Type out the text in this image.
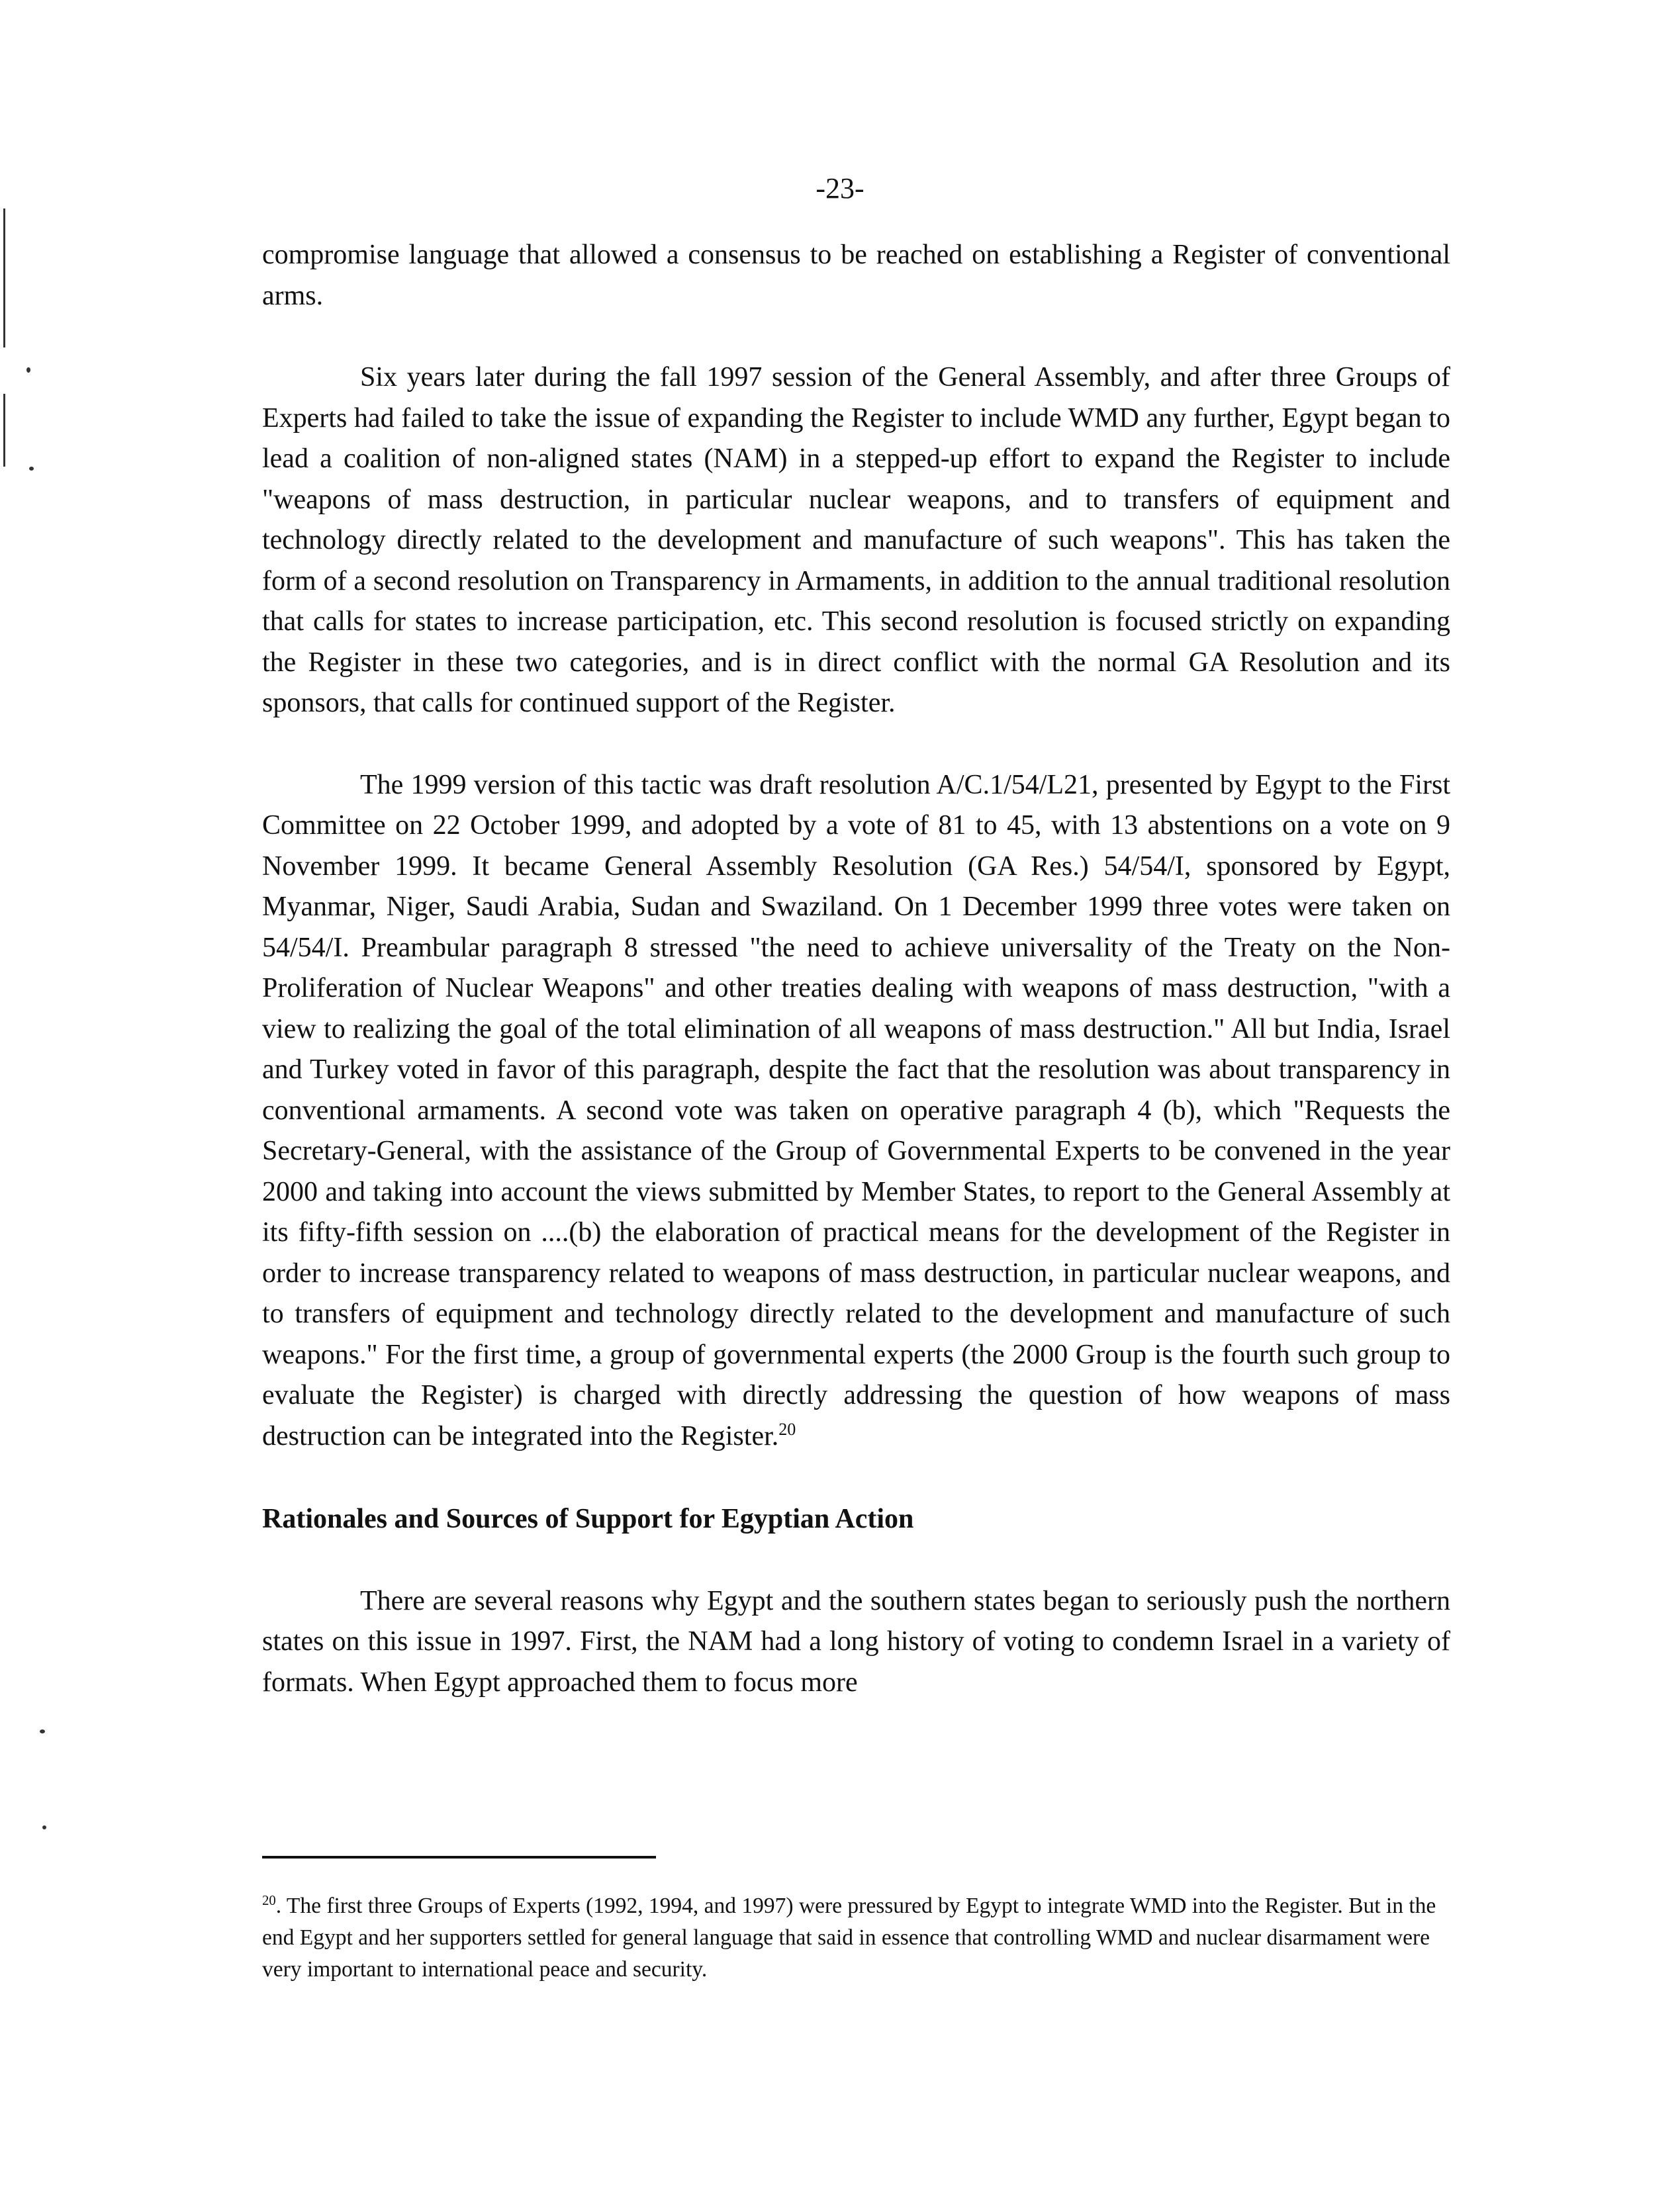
-23-

compromise language that allowed a consensus to be reached on establishing a Register of conventional arms.

Six years later during the fall 1997 session of the General Assembly, and after three Groups of Experts had failed to take the issue of expanding the Register to include WMD any further, Egypt began to lead a coalition of non-aligned states (NAM) in a stepped-up effort to expand the Register to include "weapons of mass destruction, in particular nuclear weapons, and to transfers of equipment and technology directly related to the development and manufacture of such weapons". This has taken the form of a second resolution on Transparency in Armaments, in addition to the annual traditional resolution that calls for states to increase participation, etc. This second resolution is focused strictly on expanding the Register in these two categories, and is in direct conflict with the normal GA Resolution and its sponsors, that calls for continued support of the Register.

The 1999 version of this tactic was draft resolution A/C.1/54/L21, presented by Egypt to the First Committee on 22 October 1999, and adopted by a vote of 81 to 45, with 13 abstentions on a vote on 9 November 1999. It became General Assembly Resolution (GA Res.) 54/54/I, sponsored by Egypt, Myanmar, Niger, Saudi Arabia, Sudan and Swaziland. On 1 December 1999 three votes were taken on 54/54/I. Preambular paragraph 8 stressed "the need to achieve universality of the Treaty on the Non-Proliferation of Nuclear Weapons" and other treaties dealing with weapons of mass destruction, "with a view to realizing the goal of the total elimination of all weapons of mass destruction." All but India, Israel and Turkey voted in favor of this paragraph, despite the fact that the resolution was about transparency in conventional armaments. A second vote was taken on operative paragraph 4 (b), which "Requests the Secretary-General, with the assistance of the Group of Governmental Experts to be convened in the year 2000 and taking into account the views submitted by Member States, to report to the General Assembly at its fifty-fifth session on ....(b) the elaboration of practical means for the development of the Register in order to increase transparency related to weapons of mass destruction, in particular nuclear weapons, and to transfers of equipment and technology directly related to the development and manufacture of such weapons." For the first time, a group of governmental experts (the 2000 Group is the fourth such group to evaluate the Register) is charged with directly addressing the question of how weapons of mass destruction can be integrated into the Register.$^{20}$

Rationales and Sources of Support for Egyptian Action

There are several reasons why Egypt and the southern states began to seriously push the northern states on this issue in 1997. First, the NAM had a long history of voting to condemn Israel in a variety of formats. When Egypt approached them to focus more

$^{20}$. The first three Groups of Experts (1992, 1994, and 1997) were pressured by Egypt to integrate WMD into the Register. But in the end Egypt and her supporters settled for general language that said in essence that controlling WMD and nuclear disarmament were very important to international peace and security.
